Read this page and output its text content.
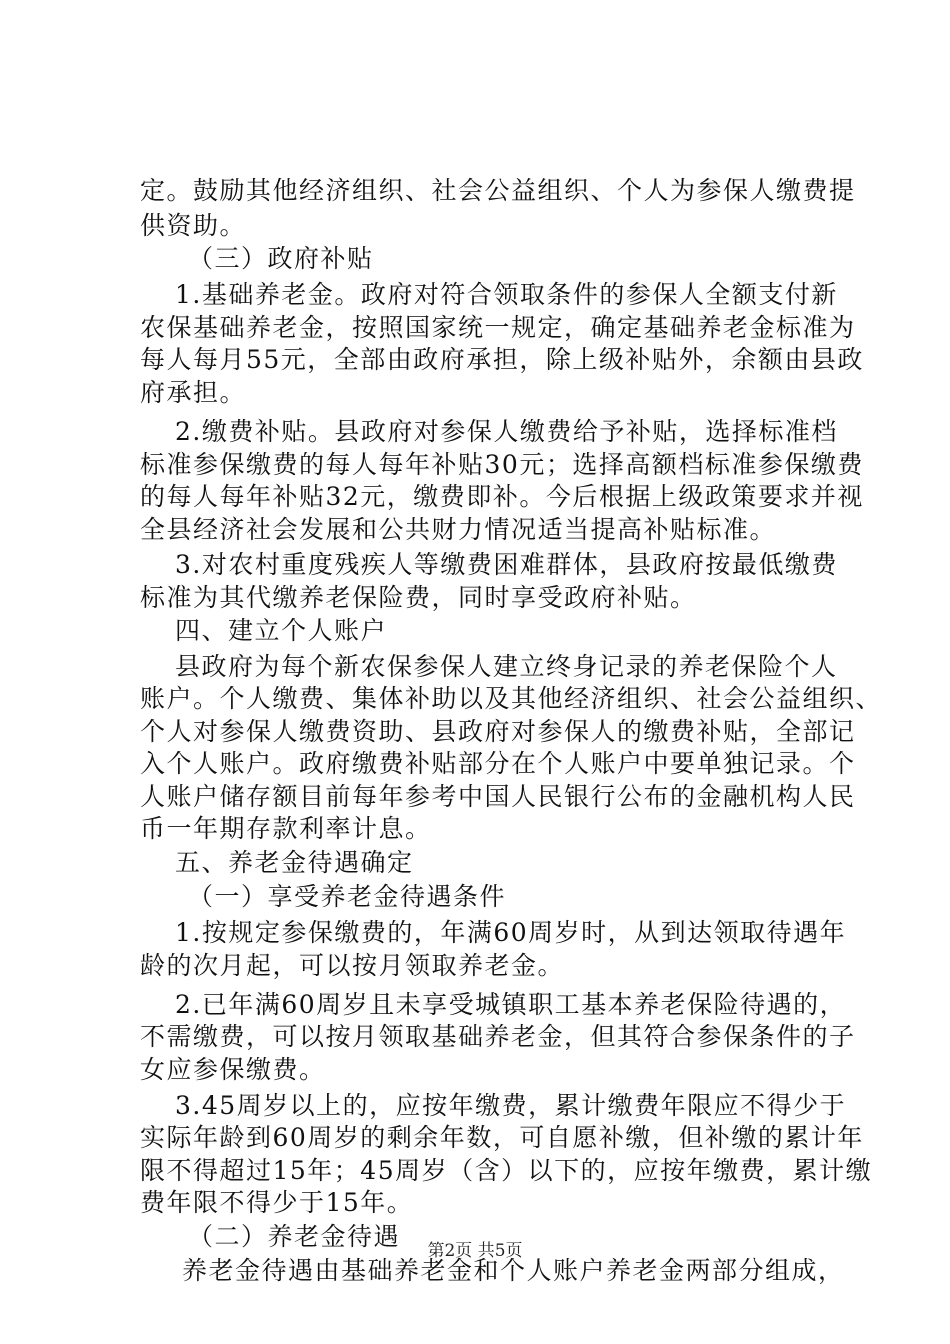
定。鼓励其他经济组织、社会公益组织、个人为参保人缴费提
供资助。
（三）政府补贴
1.基础养老金。政府对符合领取条件的参保人全额支付新
农保基础养老金，按照国家统一规定，确定基础养老金标准为
每人每月55元，全部由政府承担，除上级补贴外，余额由县政
府承担。
2.缴费补贴。县政府对参保人缴费给予补贴，选择标准档
标准参保缴费的每人每年补贴30元；选择高额档标准参保缴费
的每人每年补贴32元，缴费即补。今后根据上级政策要求并视
全县经济社会发展和公共财力情况适当提高补贴标准。
3.对农村重度残疾人等缴费困难群体，县政府按最低缴费
标准为其代缴养老保险费，同时享受政府补贴。
四、建立个人账户
县政府为每个新农保参保人建立终身记录的养老保险个人
账户。个人缴费、集体补助以及其他经济组织、社会公益组织、
个人对参保人缴费资助、县政府对参保人的缴费补贴，全部记
入个人账户。政府缴费补贴部分在个人账户中要单独记录。个
人账户储存额目前每年参考中国人民银行公布的金融机构人民
币一年期存款利率计息。
五、养老金待遇确定
（一）享受养老金待遇条件
1.按规定参保缴费的，年满60周岁时，从到达领取待遇年
龄的次月起，可以按月领取养老金。
2.已年满60周岁且未享受城镇职工基本养老保险待遇的，
不需缴费，可以按月领取基础养老金，但其符合参保条件的子
女应参保缴费。
3.45周岁以上的，应按年缴费，累计缴费年限应不得少于
实际年龄到60周岁的剩余年数，可自愿补缴，但补缴的累计年
限不得超过15年；45周岁（含）以下的，应按年缴费，累计缴
费年限不得少于15年。
（二）养老金待遇
养老金待遇由基础养老金和个人账户养老金两部分组成，
第2页 共5页
